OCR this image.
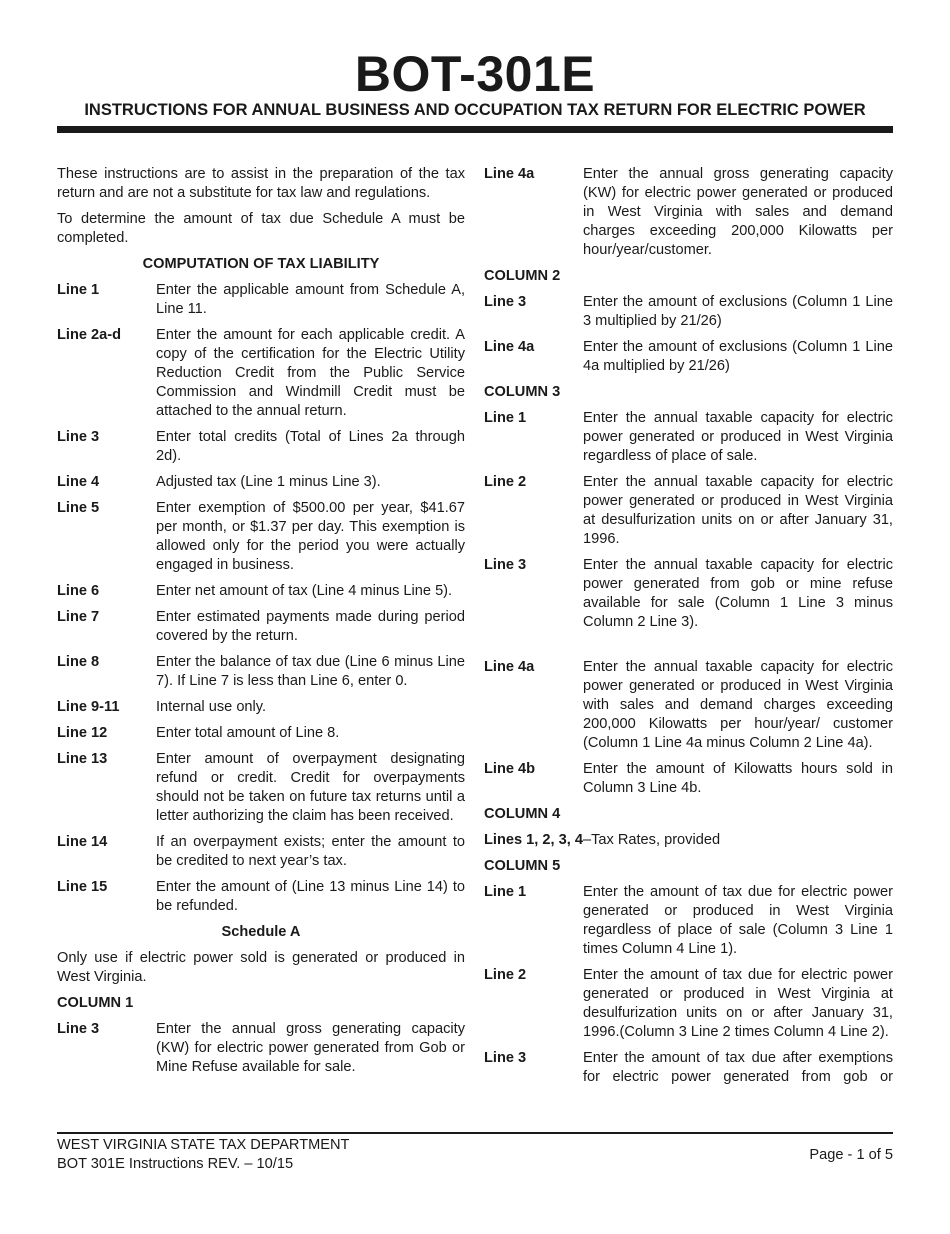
BOT-301E
INSTRUCTIONS FOR ANNUAL BUSINESS AND OCCUPATION TAX RETURN FOR ELECTRIC POWER

These instructions are to assist in the preparation of the tax return and are not a substitute for tax law and regulations.

To determine the amount of tax due Schedule A must be completed.

COMPUTATION OF TAX LIABILITY
Line 1	Enter the applicable amount from Schedule A, Line 11.
Line 2a-d	Enter the amount for each applicable credit. A copy of the certification for the Electric Utility Reduction Credit from the Public Service Commission and Windmill Credit must be attached to the annual return.
Line 3	Enter total credits (Total of Lines 2a through 2d).
Line 4	Adjusted tax (Line 1 minus Line 3).
Line 5	Enter exemption of $500.00 per year, $41.67 per month, or $1.37 per day. This exemption is allowed only for the period you were actually engaged in business.
Line 6	Enter net amount of tax (Line 4 minus Line 5).
Line 7	Enter estimated payments made during period covered by the return.
Line 8	Enter the balance of tax due (Line 6 minus Line 7). If Line 7 is less than Line 6, enter 0.
Line 9-11	Internal use only.
Line 12	Enter total amount of Line 8.
Line 13	Enter amount of overpayment designating refund or credit. Credit for overpayments should not be taken on future tax returns until a letter authorizing the claim has been received.
Line 14	If an overpayment exists; enter the amount to be credited to next year’s tax.
Line 15	Enter the amount of (Line 13 minus Line 14) to be refunded.
Schedule A

Only use if electric power sold is generated or produced in West Virginia.

COLUMN 1
Line 3	Enter the annual gross generating capacity (KW) for electric power generated from Gob or Mine Refuse available for sale.
Line 4a	Enter the annual gross generating capacity (KW) for electric power generated or produced in West Virginia with sales and demand charges exceeding 200,000 Kilowatts per hour/year/customer.
COLUMN 2
Line 3	Enter the amount of exclusions (Column 1 Line 3 multiplied by 21/26)
Line 4a	Enter the amount of exclusions (Column 1 Line 4a multiplied by 21/26)
COLUMN 3
Line 1	Enter the annual taxable capacity for electric power generated or produced in West Virginia regardless of place of sale.
Line 2	Enter the annual taxable capacity for electric power generated or produced in West Virginia at desulfurization units on or after January 31, 1996.
Line 3	Enter the annual taxable capacity for electric power generated from gob or mine refuse available for sale (Column 1 Line 3 minus Column 2 Line 3).
Line 4a	Enter the annual taxable capacity for electric power generated or produced in West Virginia with sales and demand charges exceeding 200,000 Kilowatts per hour/year/ customer (Column 1 Line 4a minus Column 2 Line 4a).
Line 4b	Enter the amount of Kilowatts hours sold in Column 3 Line 4b.
COLUMN 4
Lines 1, 2, 3, 4–Tax Rates, provided
COLUMN 5
Line 1	Enter the amount of tax due for electric power generated or produced in West Virginia regardless of place of sale (Column 3 Line 1 times Column 4 Line 1).
Line 2	Enter the amount of tax due for electric power generated or produced in West Virginia at desulfurization units on or after January 31, 1996.(Column 3 Line 2 times Column 4 Line 2).
Line 3	Enter the amount of tax due after exemptions for electric power generated from gob or
WEST VIRGINIA STATE TAX DEPARTMENT
BOT 301E Instructions REV. – 10/15
Page - 1 of 5
